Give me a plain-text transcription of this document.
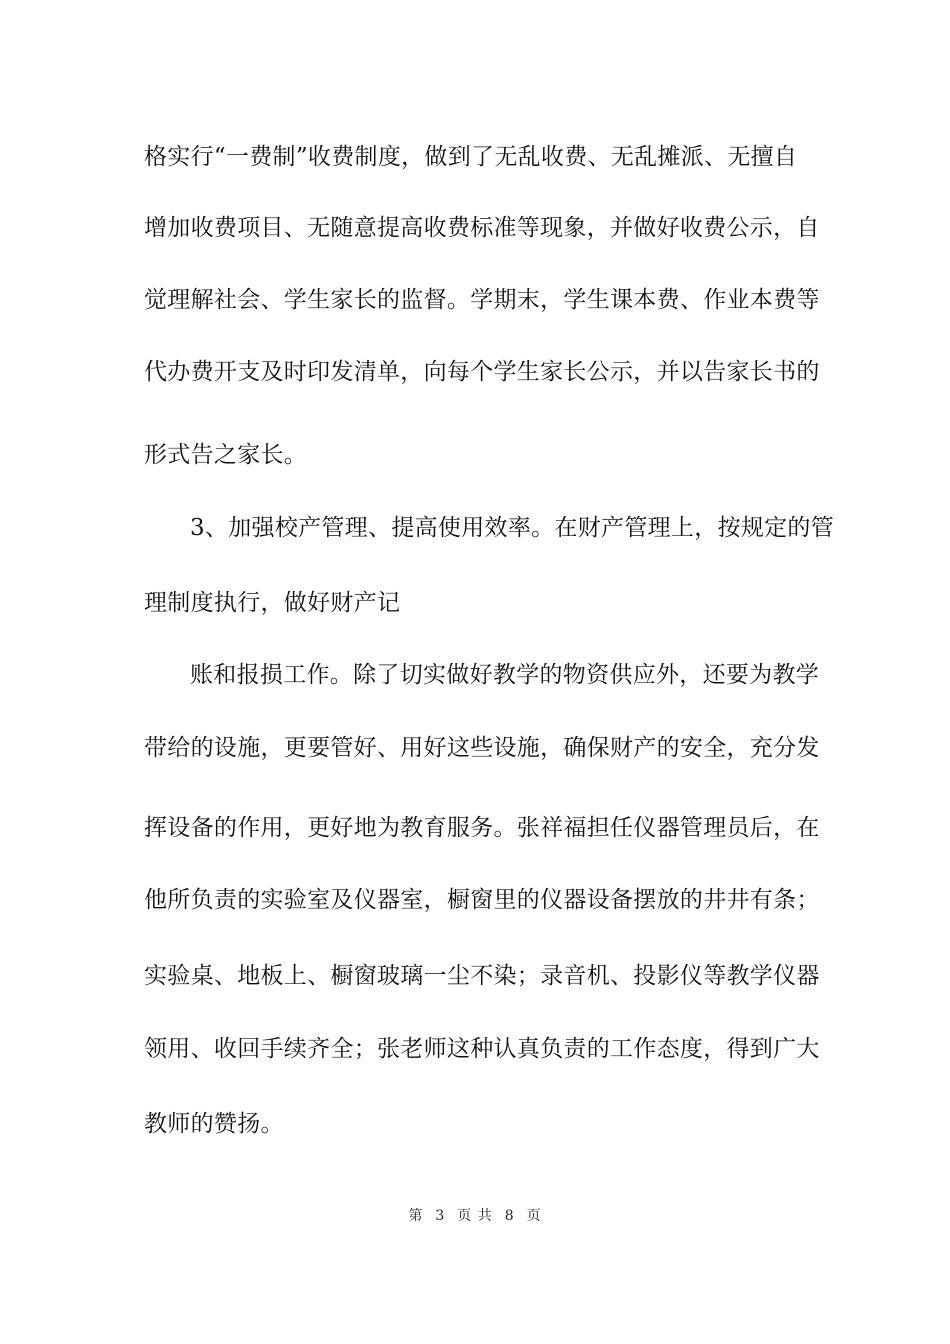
格实行“一费制”收费制度，做到了无乱收费、无乱摊派、无擅自
增加收费项目、无随意提高收费标准等现象，并做好收费公示，自
觉理解社会、学生家长的监督。学期末，学生课本费、作业本费等
代办费开支及时印发清单，向每个学生家长公示，并以告家长书的
形式告之家长。
3、加强校产管理、提高使用效率。在财产管理上，按规定的管
理制度执行，做好财产记
账和报损工作。除了切实做好教学的物资供应外，还要为教学
带给的设施，更要管好、用好这些设施，确保财产的安全，充分发
挥设备的作用，更好地为教育服务。张祥福担任仪器管理员后，在
他所负责的实验室及仪器室，橱窗里的仪器设备摆放的井井有条；
实验桌、地板上、橱窗玻璃一尘不染；录音机、投影仪等教学仪器
领用、收回手续齐全；张老师这种认真负责的工作态度，得到广大
教师的赞扬。
第 3 页 共 8 页
